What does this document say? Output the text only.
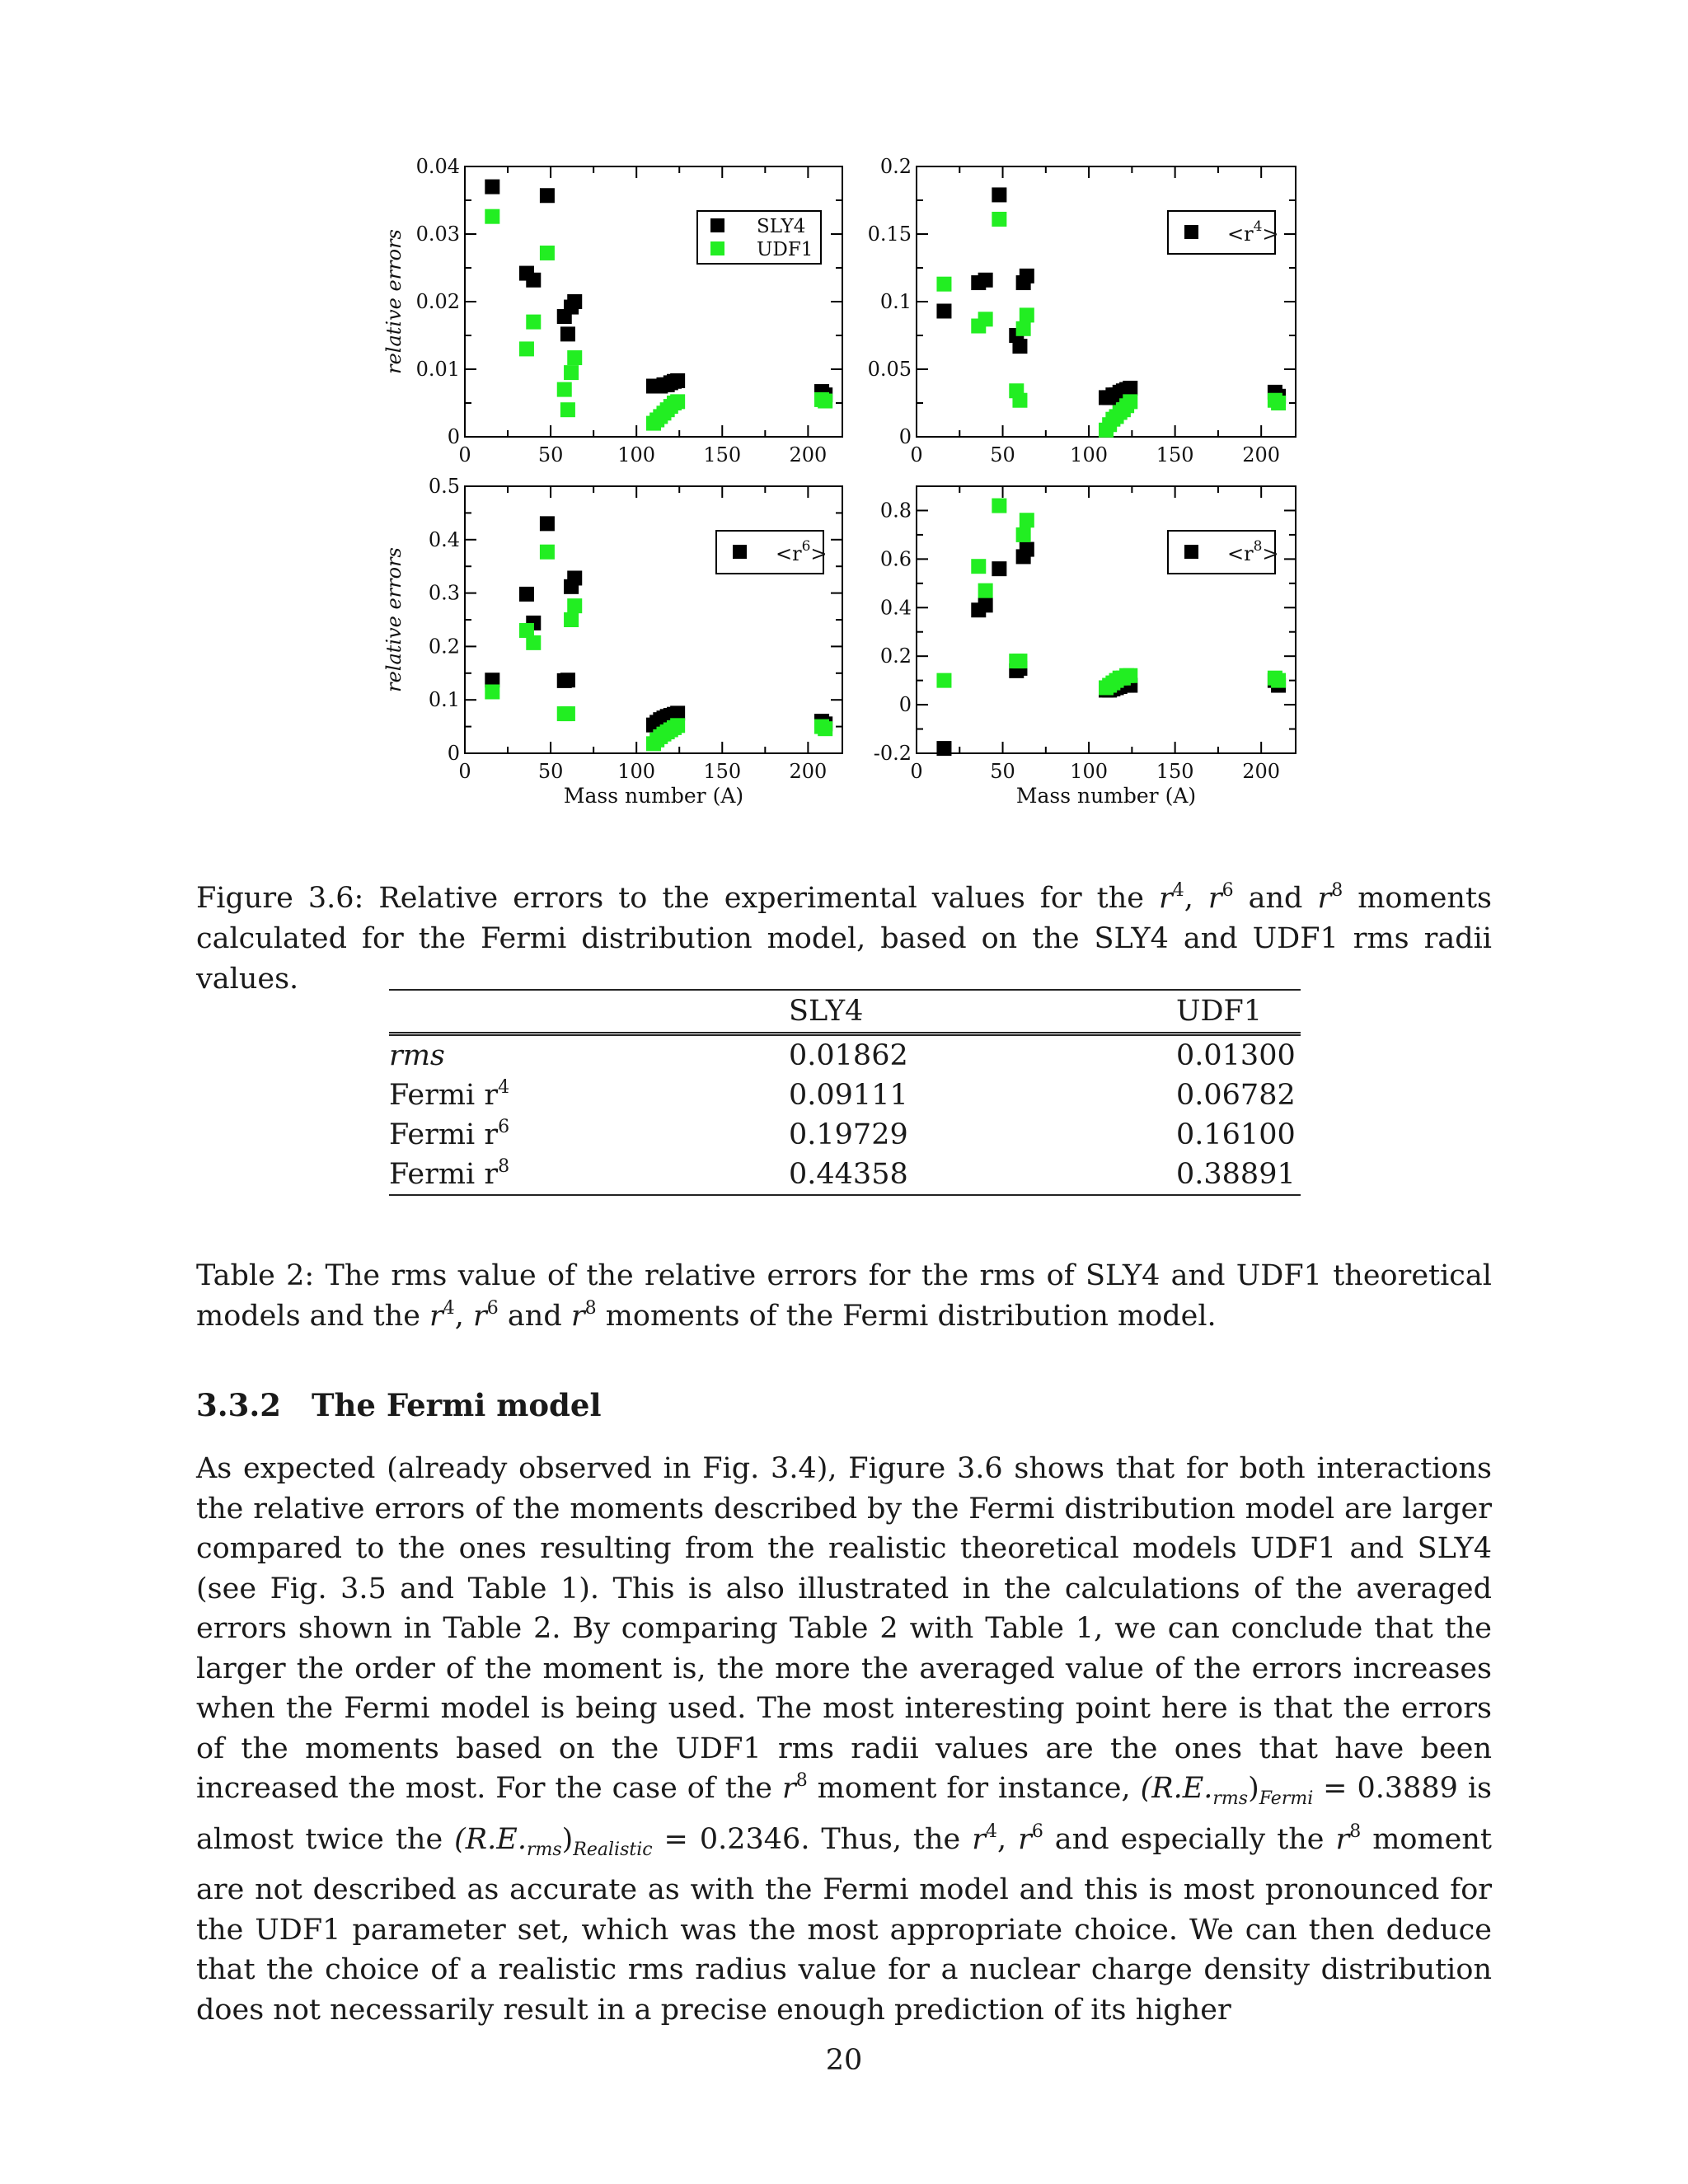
0	50	100 150 200
0
0.01
0.02
0.03
0.04
relative errors
SLY4
UDF1
0	50	100 150 200
0
0.05
0.1
0.15
0.2
$<r^4>$
0	50	100 150 200
0
0.1
0.2
0.3
0.4
0.5
relative errors
Mass number (A)
$<r^6>$
0	50	100 150 200
-0.2
0
0.2
0.4
0.6
0.8
Mass number (A)
$<r^8>$
Figure 3.6: Relative errors to the experimental values for the $r^4$, $r^6$ and $r^8$ moments calculated for the Fermi distribution model, based on the SLY4 and UDF1 rms radii values.
	SLY4	UDF1
rms	0.01862	0.01300
Fermi $r^4$	0.09111	0.06782
Fermi $r^6$	0.19729	0.16100
Fermi $r^8$	0.44358	0.38891
Table 2: The rms value of the relative errors for the rms of SLY4 and UDF1 theoretical models and the $r^4$, $r^6$ and $r^8$ moments of the Fermi distribution model.
3.3.2 The Fermi model

As expected (already observed in Fig. 3.4), Figure 3.6 shows that for both interactions the relative errors of the moments described by the Fermi distribution model are larger compared to the ones resulting from the realistic theoretical models UDF1 and SLY4 (see Fig. 3.5 and Table 1). This is also illustrated in the calculations of the averaged errors shown in Table 2. By comparing Table 2 with Table 1, we can conclude that the larger the order of the moment is, the more the averaged value of the errors increases when the Fermi model is being used. The most interesting point here is that the errors of the moments based on the UDF1 rms radii values are the ones that have been increased the most. For the case of the $r^8$ moment for instance, $(R.E._{rms})_{Fermi} = 0.3889$ is almost twice the $(R.E._{rms})_{Realistic} = 0.2346$. Thus, the $r^4$, $r^6$ and especially the $r^8$ moment are not described as accurate as with the Fermi model and this is most pronounced for the UDF1 parameter set, which was the most appropriate choice. We can then deduce that the choice of a realistic rms radius value for a nuclear charge density distribution does not necessarily result in a precise enough prediction of its higher

20
